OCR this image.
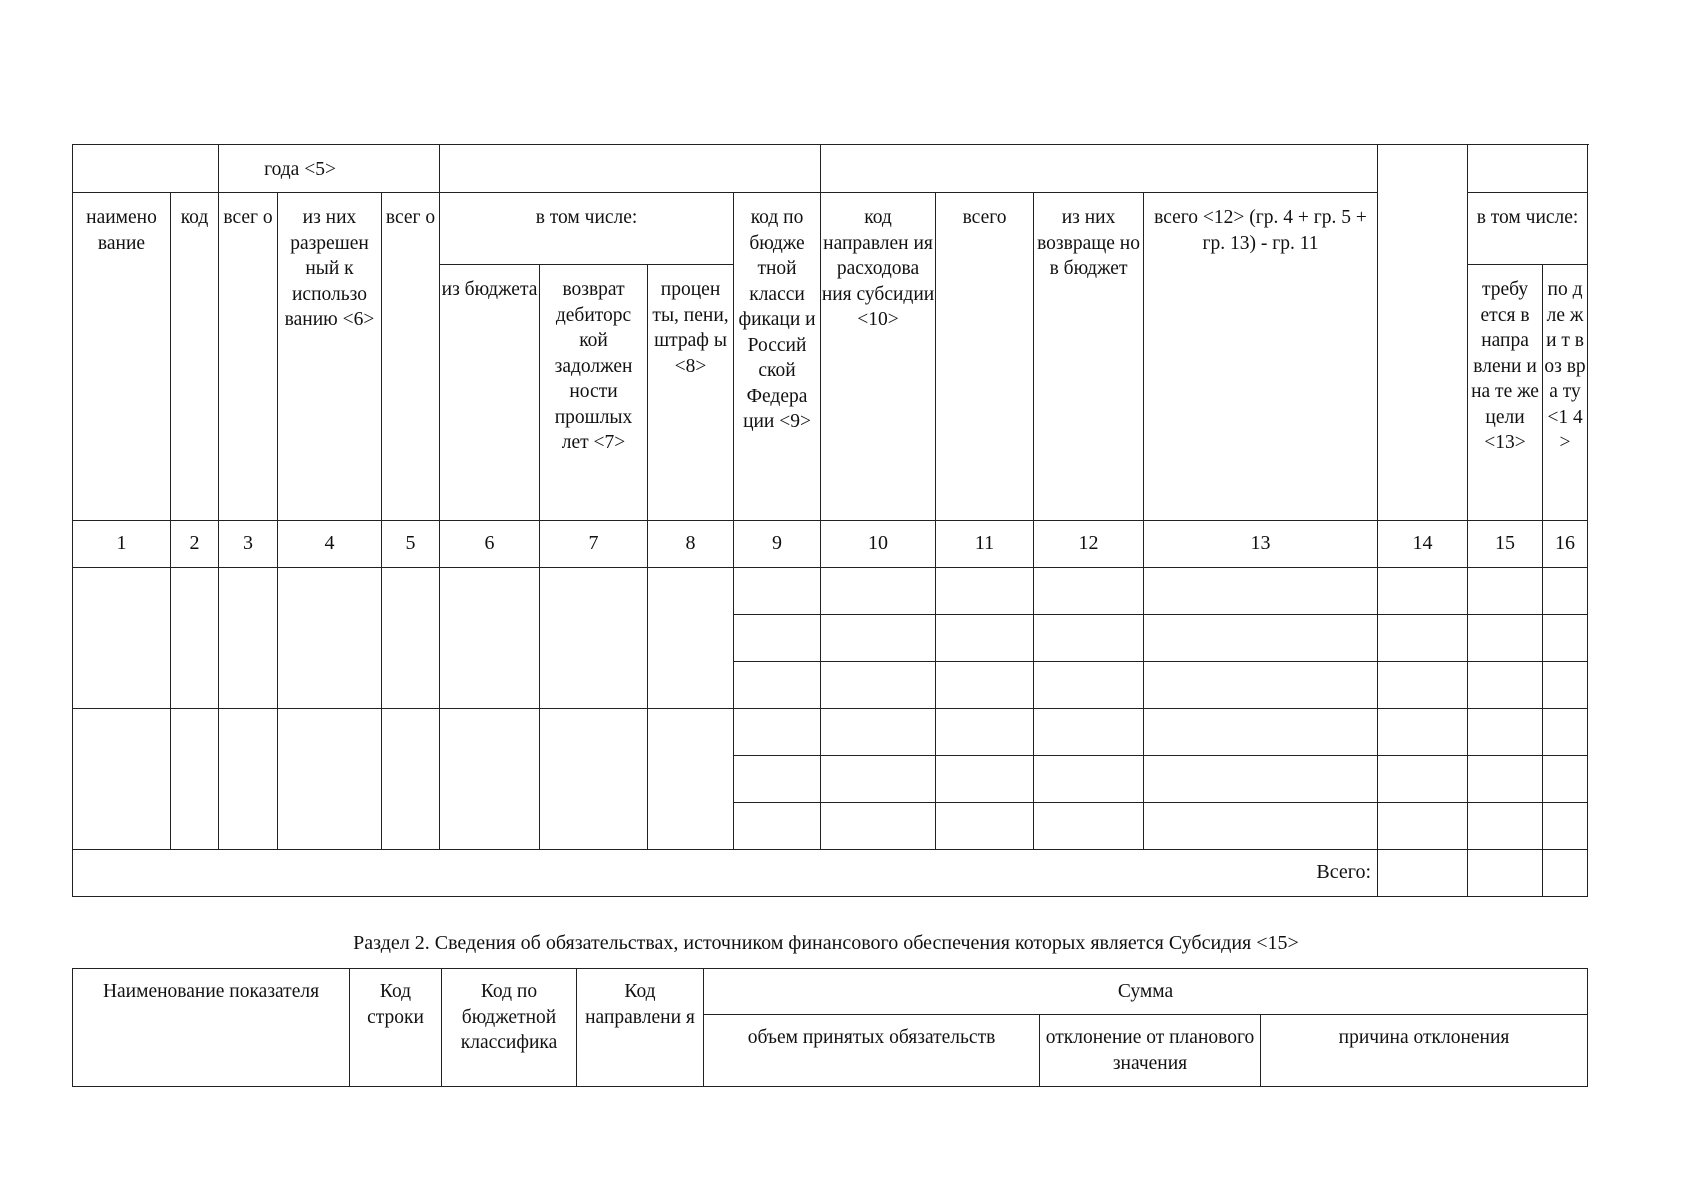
		года <5>													
наимено вание	код	всег о	из них разрешен ный к использо ванию <6>	всег о	в том числе:			код по бюдже тной класси фикаци и Россий ской Федера ции <9>	код направлен ия расходова ния субсидии <10>	всего	из них возвраще но в бюджет	всего <12> (гр. 4 + гр. 5 + гр. 13) - гр. 11		в том числе:	
					из бюджета	возврат дебиторс кой задолжен ности прошлых лет <7>	процен ты, пени, штраф ы <8>							требу ется в напра влени и на те же цели <13>	по дле жи т воз вра ту <1 4>
1	2	3	4	5	6	7	8	9	10	11	12	13	14	15	16

Всего:															
Раздел 2. Сведения об обязательствах, источником финансового обеспечения которых является Субсидия <15>
Наименование показателя	Код строки	Код по бюджетной классифика	Код направлени я	Сумма		
				объем принятых обязательств	отклонение от планового значения	причина отклонения
